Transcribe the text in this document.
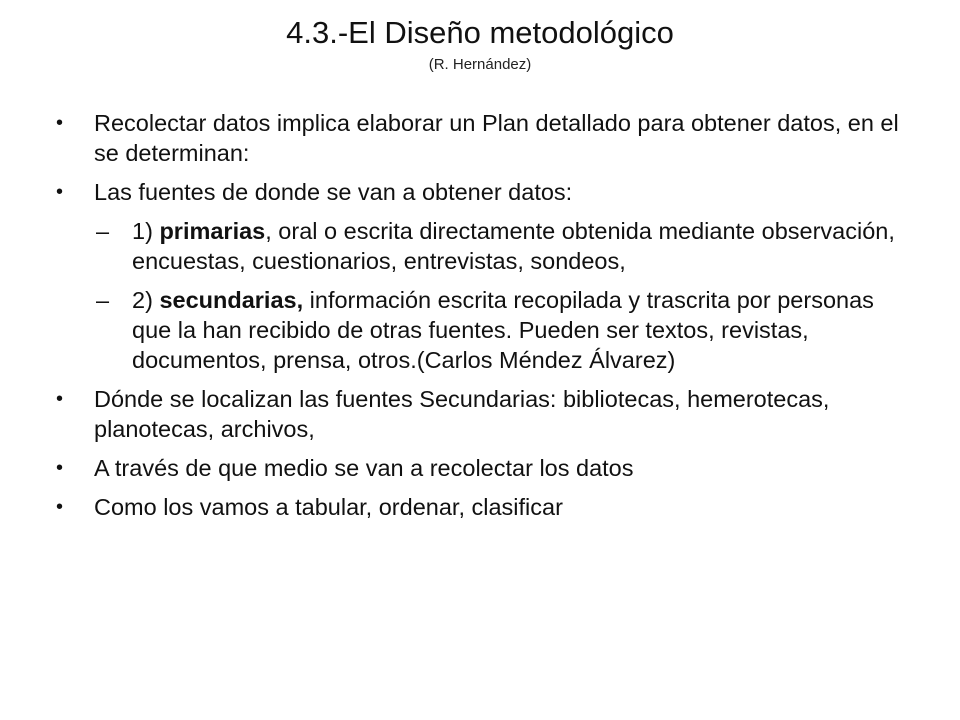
4.3.-El Diseño metodológico
(R. Hernández)
•	Recolectar datos implica elaborar un Plan detallado para obtener datos, en el se determinan:
•	Las fuentes de donde se van a obtener datos:
– 1) primarias, oral o escrita directamente obtenida mediante observación, encuestas, cuestionarios, entrevistas, sondeos,
– 2) secundarias, información escrita recopilada y trascrita por personas que la han recibido de otras fuentes. Pueden ser textos, revistas, documentos, prensa, otros.(Carlos Méndez Álvarez)
•	Dónde se localizan las fuentes Secundarias: bibliotecas, hemerotecas, planotecas, archivos,
•	A través de que medio se van a recolectar los datos
•	Como los vamos a tabular, ordenar, clasificar
